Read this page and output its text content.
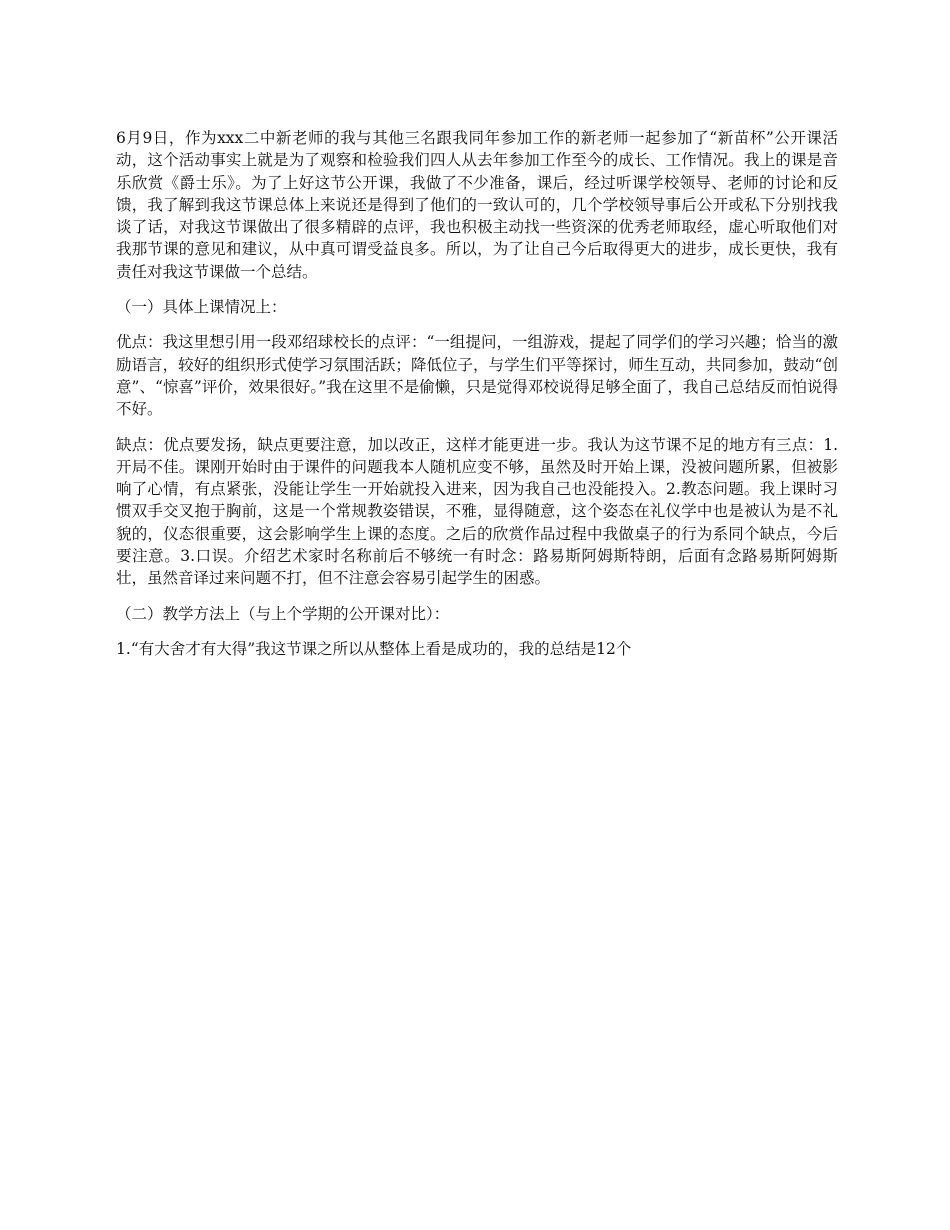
6月9日，作为xxx二中新老师的我与其他三名跟我同年参加工作的新老师一起参加了“新苗杯”公开课活动，这个活动事实上就是为了观察和检验我们四人从去年参加工作至今的成长、工作情况。我上的课是音乐欣赏《爵士乐》。为了上好这节公开课，我做了不少准备，课后，经过听课学校领导、老师的讨论和反馈，我了解到我这节课总体上来说还是得到了他们的一致认可的，几个学校领导事后公开或私下分别找我谈了话，对我这节课做出了很多精辟的点评，我也积极主动找一些资深的优秀老师取经，虚心听取他们对我那节课的意见和建议，从中真可谓受益良多。所以，为了让自己今后取得更大的进步，成长更快，我有责任对我这节课做一个总结。

（一）具体上课情况上：

优点：我这里想引用一段邓绍球校长的点评：“一组提问，一组游戏，提起了同学们的学习兴趣；恰当的激励语言，较好的组织形式使学习氛围活跃；降低位子，与学生们平等探讨，师生互动，共同参加，鼓动“创意”、“惊喜”评价，效果很好。”我在这里不是偷懒，只是觉得邓校说得足够全面了，我自己总结反而怕说得不好。

缺点：优点要发扬，缺点更要注意，加以改正，这样才能更进一步。我认为这节课不足的地方有三点：1.开局不佳。课刚开始时由于课件的问题我本人随机应变不够，虽然及时开始上课，没被问题所累，但被影响了心情，有点紧张，没能让学生一开始就投入进来，因为我自己也没能投入。2.教态问题。我上课时习惯双手交叉抱于胸前，这是一个常规教姿错误，不雅，显得随意，这个姿态在礼仪学中也是被认为是不礼貌的，仪态很重要，这会影响学生上课的态度。之后的欣赏作品过程中我做桌子的行为系同个缺点，今后要注意。3.口误。介绍艺术家时名称前后不够统一有时念：路易斯阿姆斯特朗，后面有念路易斯阿姆斯壮，虽然音译过来问题不打，但不注意会容易引起学生的困惑。

（二）教学方法上（与上个学期的公开课对比）：

1.“有大舍才有大得”我这节课之所以从整体上看是成功的，我的总结是12个
